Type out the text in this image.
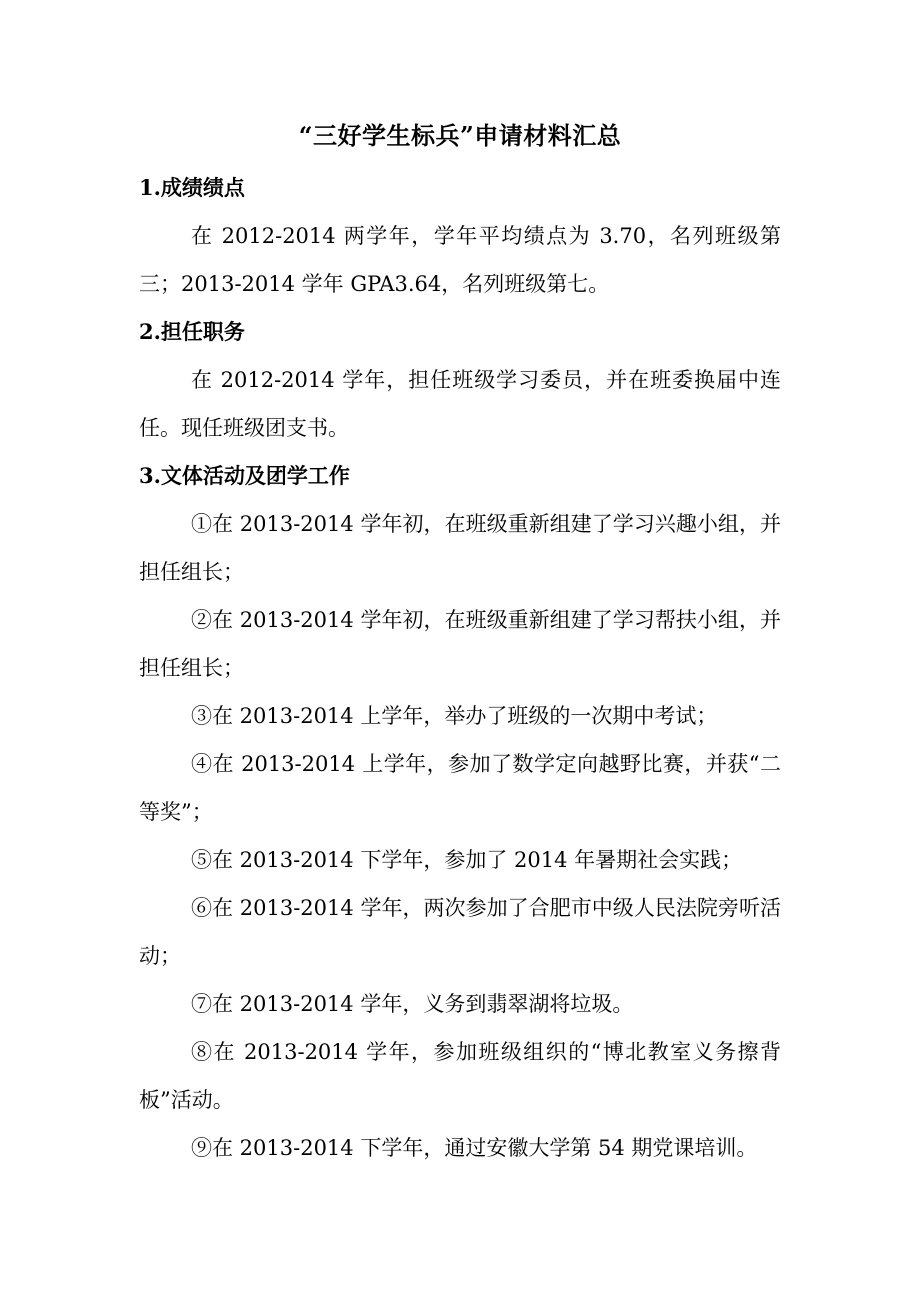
“三好学生标兵”申请材料汇总
1.成绩绩点
在 2012-2014 两学年，学年平均绩点为 3.70，名列班级第三；2013-2014 学年 GPA3.64，名列班级第七。
2.担任职务
在 2012-2014 学年，担任班级学习委员，并在班委换届中连任。现任班级团支书。
3.文体活动及团学工作
①在 2013-2014 学年初，在班级重新组建了学习兴趣小组，并担任组长；
②在 2013-2014 学年初，在班级重新组建了学习帮扶小组，并担任组长；
③在 2013-2014 上学年，举办了班级的一次期中考试；
④在 2013-2014 上学年，参加了数学定向越野比赛，并获“二等奖”；
⑤在 2013-2014 下学年，参加了 2014 年暑期社会实践；
⑥在 2013-2014 学年，两次参加了合肥市中级人民法院旁听活动；
⑦在 2013-2014 学年，义务到翡翠湖将垃圾。
⑧在 2013-2014 学年，参加班级组织的“博北教室义务擦背板”活动。
⑨在 2013-2014 下学年，通过安徽大学第 54 期党课培训。
